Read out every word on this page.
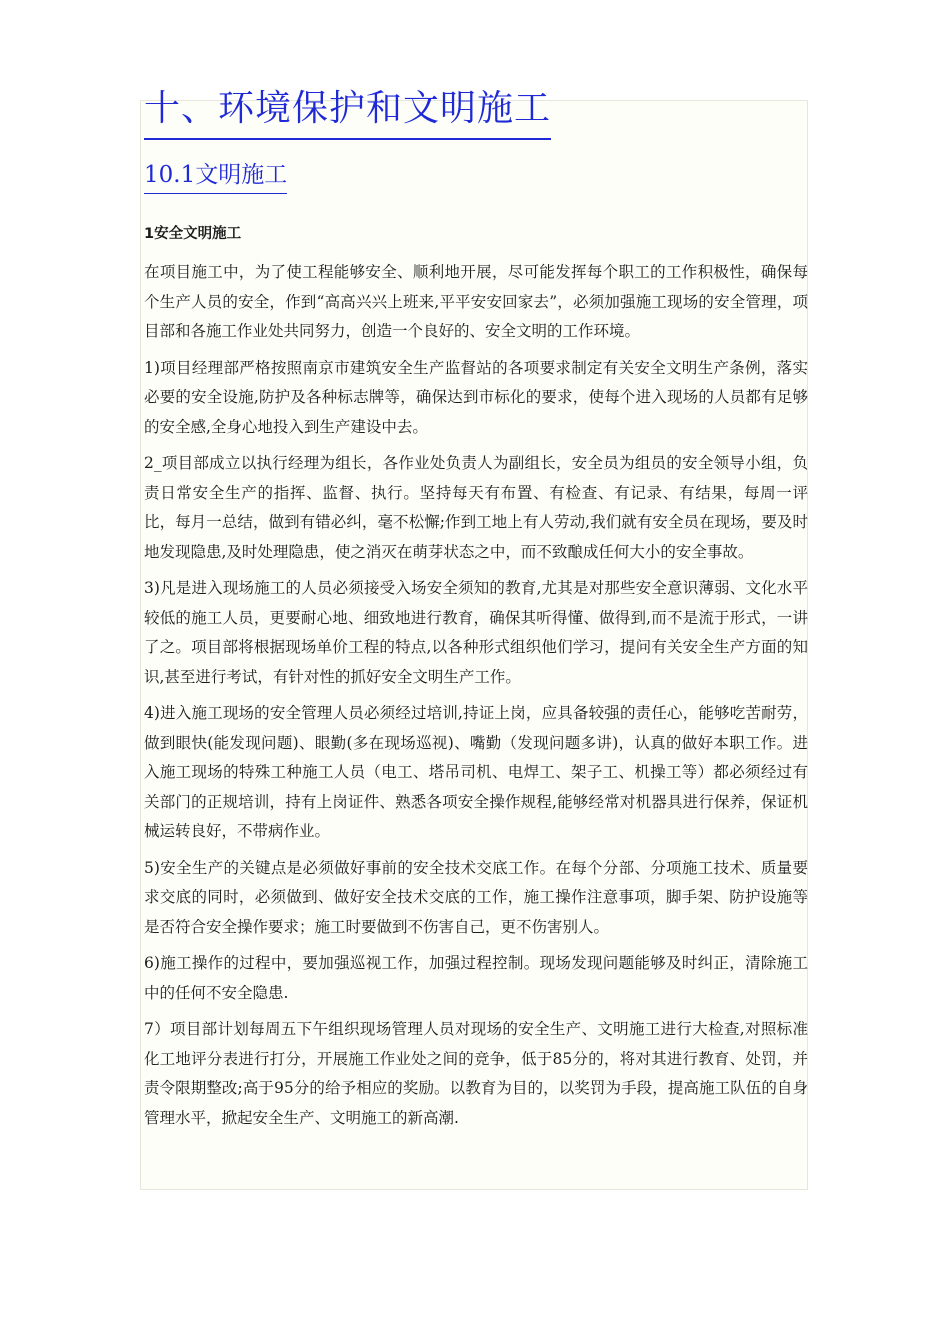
十、环境保护和文明施工
10.1文明施工
1安全文明施工

在项目施工中，为了使工程能够安全、顺利地开展，尽可能发挥每个职工的工作积极性，确保每个生产人员的安全，作到“高高兴兴上班来,平平安安回家去”，必须加强施工现场的安全管理，项目部和各施工作业处共同努力，创造一个良好的、安全文明的工作环境。

1)项目经理部严格按照南京市建筑安全生产监督站的各项要求制定有关安全文明生产条例，落实必要的安全设施,防护及各种标志牌等，确保达到市标化的要求，使每个进入现场的人员都有足够的安全感,全身心地投入到生产建设中去。

2_项目部成立以执行经理为组长，各作业处负责人为副组长，安全员为组员的安全领导小组，负责日常安全生产的指挥、监督、执行。坚持每天有布置、有检查、有记录、有结果，每周一评比，每月一总结，做到有错必纠，毫不松懈;作到工地上有人劳动,我们就有安全员在现场，要及时地发现隐患,及时处理隐患，使之消灭在萌芽状态之中，而不致酿成任何大小的安全事故。

3)凡是进入现场施工的人员必须接受入场安全须知的教育,尤其是对那些安全意识薄弱、文化水平较低的施工人员，更要耐心地、细致地进行教育，确保其听得懂、做得到,而不是流于形式，一讲了之。项目部将根据现场单价工程的特点,以各种形式组织他们学习，提问有关安全生产方面的知识,甚至进行考试，有针对性的抓好安全文明生产工作。

4)进入施工现场的安全管理人员必须经过培训,持证上岗，应具备较强的责任心，能够吃苦耐劳，做到眼快(能发现问题)、眼勤(多在现场巡视)、嘴勤（发现问题多讲)，认真的做好本职工作。进入施工现场的特殊工种施工人员（电工、塔吊司机、电焊工、架子工、机操工等）都必须经过有关部门的正规培训，持有上岗证件、熟悉各项安全操作规程,能够经常对机器具进行保养，保证机械运转良好，不带病作业。

5)安全生产的关键点是必须做好事前的安全技术交底工作。在每个分部、分项施工技术、质量要求交底的同时，必须做到、做好安全技术交底的工作，施工操作注意事项，脚手架、防护设施等是否符合安全操作要求；施工时要做到不伤害自己，更不伤害别人。

6)施工操作的过程中，要加强巡视工作，加强过程控制。现场发现问题能够及时纠正，清除施工中的任何不安全隐患.

7）项目部计划每周五下午组织现场管理人员对现场的安全生产、文明施工进行大检查,对照标准化工地评分表进行打分，开展施工作业处之间的竞争，低于85分的，将对其进行教育、处罚，并责令限期整改;高于95分的给予相应的奖励。以教育为目的，以奖罚为手段，提高施工队伍的自身管理水平，掀起安全生产、文明施工的新高潮.
